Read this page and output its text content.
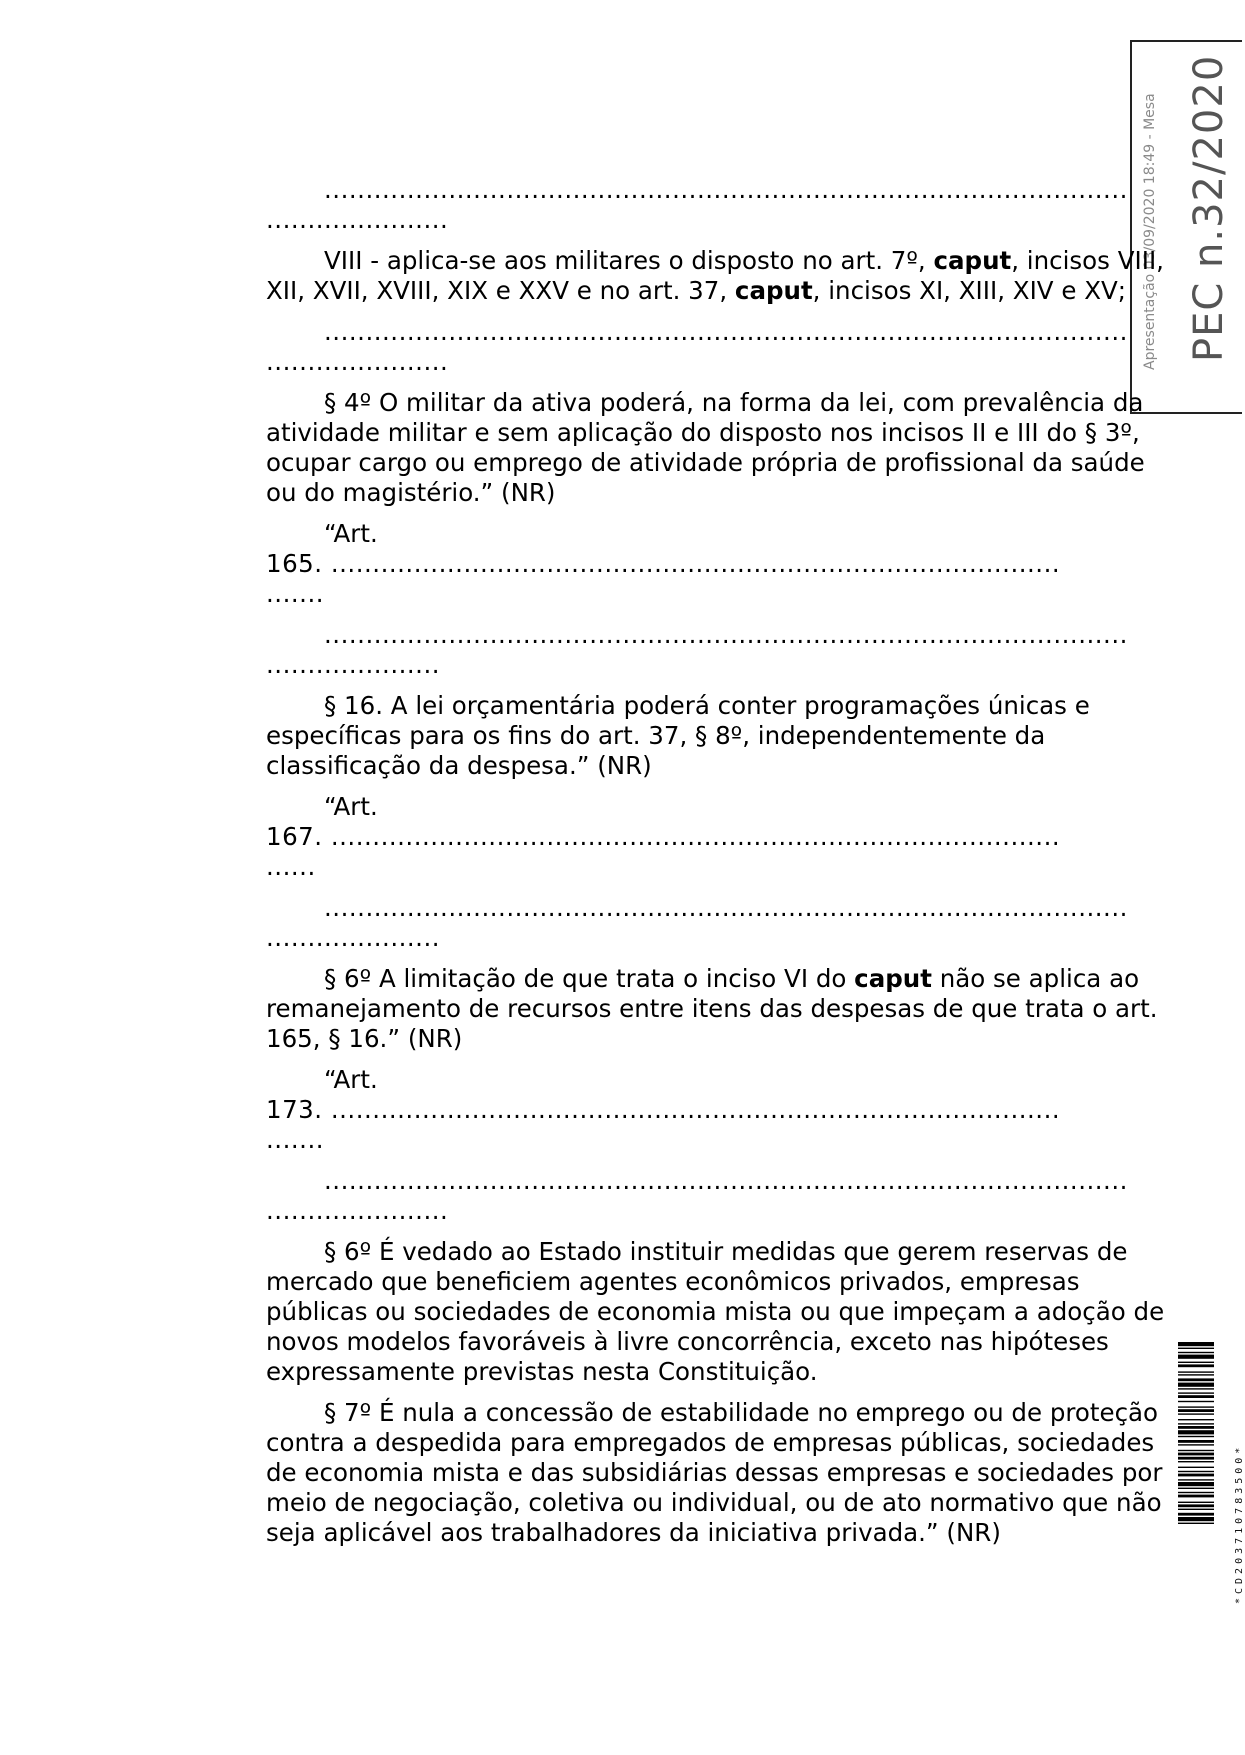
Apresentação 03/09/2020 18:49 - Mesa PEC n.32/2020
*CD203710783500*
.................................................................................................
......................

VIII - aplica-se aos militares o disposto no art. 7º, caput, incisos VIII, XII, XVII, XVIII, XIX e XXV e no art. 37, caput, incisos XI, XIII, XIV e XV;

.................................................................................................
......................

§ 4º O militar da ativa poderá, na forma da lei, com prevalência da atividade militar e sem aplicação do disposto nos incisos II e III do § 3º, ocupar cargo ou emprego de atividade própria de profissional da saúde ou do magistério.” (NR)

“Art.
165. ........................................................................................
.......
.................................................................................................
.....................

§ 16. A lei orçamentária poderá conter programações únicas e específicas para os fins do art. 37, § 8º, independentemente da classificação da despesa.” (NR)

“Art.
167. ........................................................................................
......
.................................................................................................
.....................

§ 6º A limitação de que trata o inciso VI do caput não se aplica ao remanejamento de recursos entre itens das despesas de que trata o art. 165, § 16.” (NR)

“Art.
173. ........................................................................................
.......
.................................................................................................
......................

§ 6º É vedado ao Estado instituir medidas que gerem reservas de mercado que beneficiem agentes econômicos privados, empresas públicas ou sociedades de economia mista ou que impeçam a adoção de novos modelos favoráveis à livre concorrência, exceto nas hipóteses expressamente previstas nesta Constituição.

§ 7º É nula a concessão de estabilidade no emprego ou de proteção contra a despedida para empregados de empresas públicas, sociedades de economia mista e das subsidiárias dessas empresas e sociedades por meio de negociação, coletiva ou individual, ou de ato normativo que não seja aplicável aos trabalhadores da iniciativa privada.” (NR)
